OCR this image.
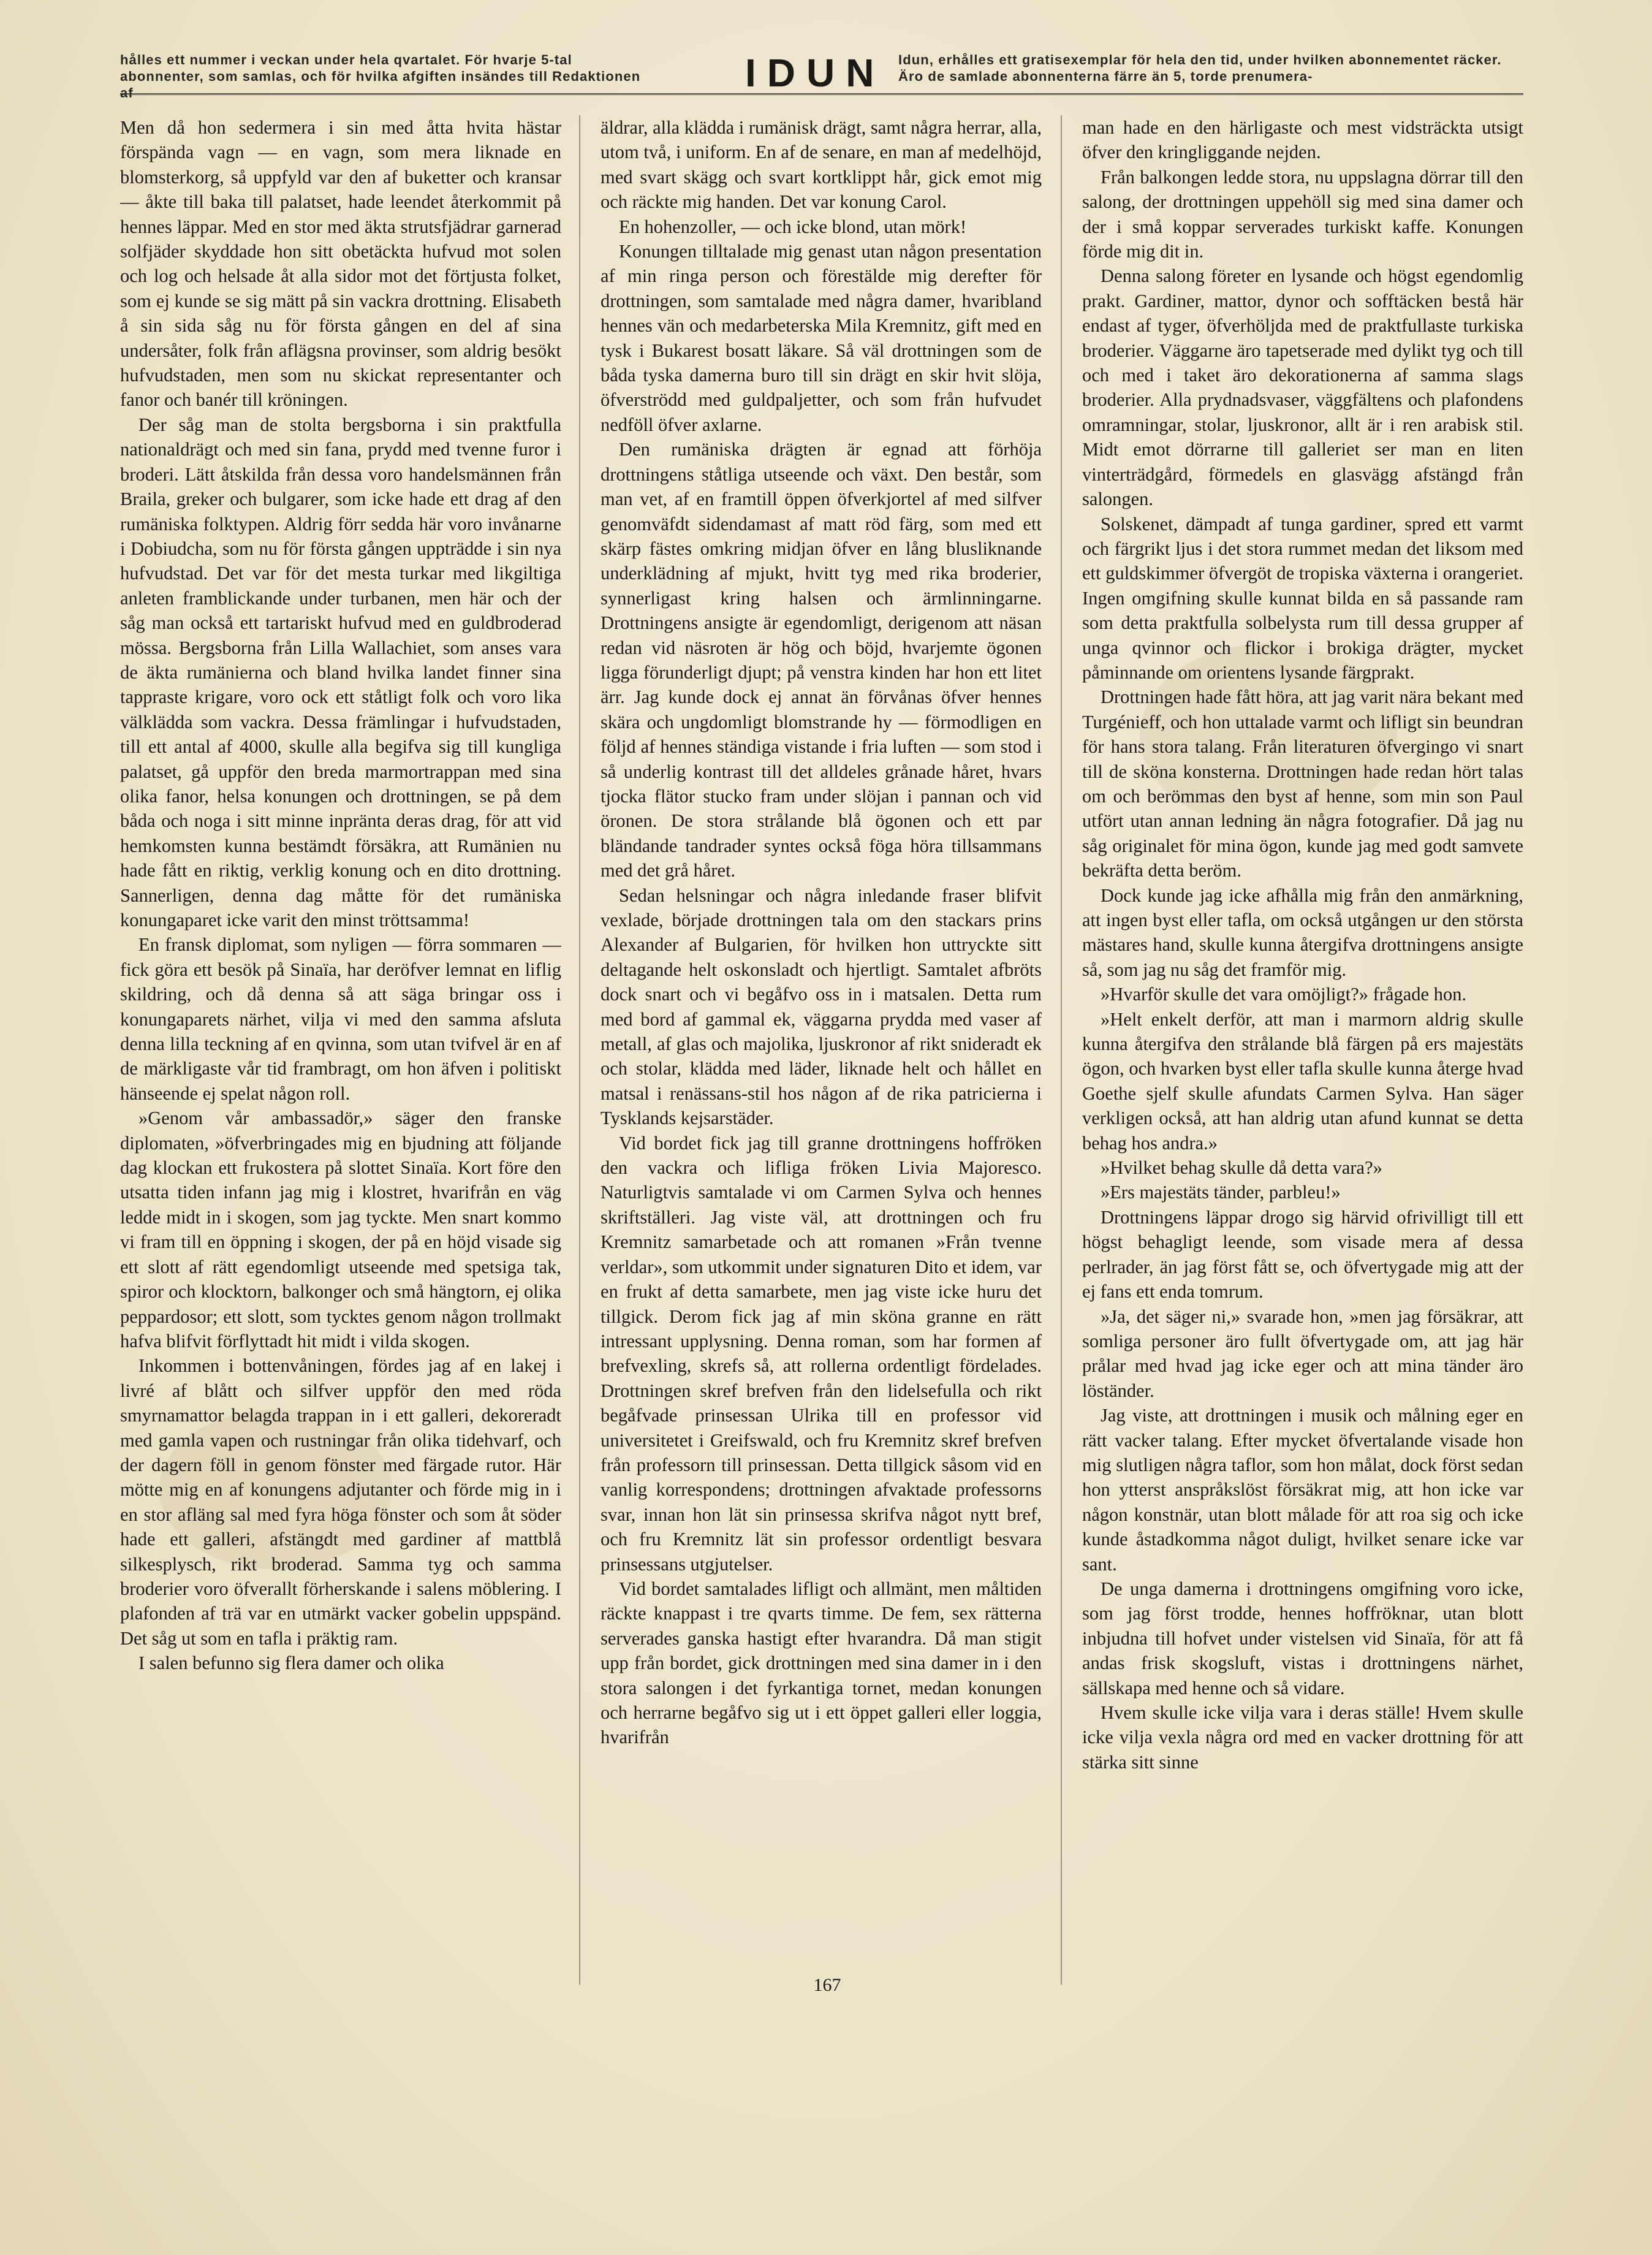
hålles ett nummer i veckan under hela qvartalet. För hvarje 5-tal abonnenter, som samlas, och för hvilka afgiften insändes till Redaktionen af	IDUN Idun, erhålles ett gratisexemplar för hela den tid, under hvilken abonnementet räcker. Äro de samlade abonnenterna färre än 5, torde prenumera-

Men då hon sedermera i sin med åtta hvita hästar förspända vagn — en vagn, som mera liknade en blomsterkorg, så uppfyld var den af buketter och kransar — åkte till baka till palatset, hade leendet återkommit på hennes läppar. Med en stor med äkta strutsfjädrar garnerad solfjäder skyddade hon sitt obetäckta hufvud mot solen och log och helsade åt alla sidor mot det förtjusta folket, som ej kunde se sig mätt på sin vackra drottning. Elisabeth å sin sida såg nu för första gången en del af sina undersåter, folk från aflägsna provinser, som aldrig besökt hufvudstaden, men som nu skickat representanter och fanor och banér till kröningen.

Der såg man de stolta bergsborna i sin praktfulla nationaldrägt och med sin fana, prydd med tvenne furor i broderi. Lätt åtskilda från dessa voro handelsmännen från Braila, greker och bulgarer, som icke hade ett drag af den rumäniska folktypen. Aldrig förr sedda här voro invånarne i Dobiudcha, som nu för första gången uppträdde i sin nya hufvudstad. Det var för det mesta turkar med likgiltiga anleten framblickande under turbanen, men här och der såg man också ett tartariskt hufvud med en guldbroderad mössa. Bergsborna från Lilla Wallachiet, som anses vara de äkta rumänierna och bland hvilka landet finner sina tappraste krigare, voro ock ett ståtligt folk och voro lika välklädda som vackra. Dessa främlingar i hufvudstaden, till ett antal af 4000, skulle alla begifva sig till kungliga palatset, gå uppför den breda marmortrappan med sina olika fanor, helsa konungen och drottningen, se på dem båda och noga i sitt minne inpränta deras drag, för att vid hemkomsten kunna bestämdt försäkra, att Rumänien nu hade fått en riktig, verklig konung och en dito drottning. Sannerligen, denna dag måtte för det rumäniska konungaparet icke varit den minst tröttsamma!

En fransk diplomat, som nyligen — förra sommaren — fick göra ett besök på Sinaïa, har deröfver lemnat en liflig skildring, och då denna så att säga bringar oss i konungaparets närhet, vilja vi med den samma afsluta denna lilla teckning af en qvinna, som utan tvifvel är en af de märkligaste vår tid frambragt, om hon äfven i politiskt hänseende ej spelat någon roll.

»Genom vår ambassadör,» säger den franske diplomaten, »öfverbringades mig en bjudning att följande dag klockan ett frukostera på slottet Sinaïa. Kort före den utsatta tiden infann jag mig i klostret, hvarifrån en väg ledde midt in i skogen, som jag tyckte. Men snart kommo vi fram till en öppning i skogen, der på en höjd visade sig ett slott af rätt egendomligt utseende med spetsiga tak, spiror och klocktorn, balkonger och små hängtorn, ej olika peppardosor; ett slott, som tycktes genom någon trollmakt hafva blifvit förflyttadt hit midt i vilda skogen.

Inkommen i bottenvåningen, fördes jag af en lakej i livré af blått och silfver uppför den med röda smyrnamattor belagda trappan in i ett galleri, dekoreradt med gamla vapen och rustningar från olika tidehvarf, och der dagern föll in genom fönster med färgade rutor. Här mötte mig en af konungens adjutanter och förde mig in i en stor afläng sal med fyra höga fönster och som åt söder hade ett galleri, afstängdt med gardiner af mattblå silkesplysch, rikt broderad. Samma tyg och samma broderier voro öfverallt förherskande i salens möblering. I plafonden af trä var en utmärkt vacker gobelin uppspänd. Det såg ut som en tafla i präktig ram.

I salen befunno sig flera damer och olika

äldrar, alla klädda i rumänisk drägt, samt några herrar, alla, utom två, i uniform. En af de senare, en man af medelhöjd, med svart skägg och svart kortklippt hår, gick emot mig och räckte mig handen. Det var konung Carol.

En hohenzoller, — och icke blond, utan mörk!

Konungen tilltalade mig genast utan någon presentation af min ringa person och förestälde mig derefter för drottningen, som samtalade med några damer, hvaribland hennes vän och medarbeterska Mila Kremnitz, gift med en tysk i Bukarest bosatt läkare. Så väl drottningen som de båda tyska damerna buro till sin drägt en skir hvit slöja, öfverströdd med guldpaljetter, och som från hufvudet nedföll öfver axlarne.

Den rumäniska drägten är egnad att förhöja drottningens ståtliga utseende och växt. Den består, som man vet, af en framtill öppen öfverkjortel af med silfver genomväfdt sidendamast af matt röd färg, som med ett skärp fästes omkring midjan öfver en lång blusliknande underklädning af mjukt, hvitt tyg med rika broderier, synnerligast kring halsen och ärmlinningarne. Drottningens ansigte är egendomligt, derigenom att näsan redan vid näsroten är hög och böjd, hvarjemte ögonen ligga förunderligt djupt; på venstra kinden har hon ett litet ärr. Jag kunde dock ej annat än förvånas öfver hennes skära och ungdomligt blomstrande hy — förmodligen en följd af hennes ständiga vistande i fria luften — som stod i så underlig kontrast till det alldeles grånade håret, hvars tjocka flätor stucko fram under slöjan i pannan och vid öronen. De stora strålande blå ögonen och ett par bländande tandrader syntes också föga höra tillsammans med det grå håret.

Sedan helsningar och några inledande fraser blifvit vexlade, började drottningen tala om den stackars prins Alexander af Bulgarien, för hvilken hon uttryckte sitt deltagande helt oskonsladt och hjertligt. Samtalet afbröts dock snart och vi begåfvo oss in i matsalen. Detta rum med bord af gammal ek, väggarna prydda med vaser af metall, af glas och majolika, ljuskronor af rikt snideradt ek och stolar, klädda med läder, liknade helt och hållet en matsal i renässans-stil hos någon af de rika patricierna i Tysklands kejsarstäder.

Vid bordet fick jag till granne drottningens hoffröken den vackra och lifliga fröken Livia Majoresco. Naturligtvis samtalade vi om Carmen Sylva och hennes skriftställeri. Jag viste väl, att drottningen och fru Kremnitz samarbetade och att romanen »Från tvenne verldar», som utkommit under signaturen Dito et idem, var en frukt af detta samarbete, men jag viste icke huru det tillgick. Derom fick jag af min sköna granne en rätt intressant upplysning. Denna roman, som har formen af brefvexling, skrefs så, att rollerna ordentligt fördelades. Drottningen skref brefven från den lidelsefulla och rikt begåfvade prinsessan Ulrika till en professor vid universitetet i Greifswald, och fru Kremnitz skref brefven från professorn till prinsessan. Detta tillgick såsom vid en vanlig korrespondens; drottningen afvaktade professorns svar, innan hon lät sin prinsessa skrifva något nytt bref, och fru Kremnitz lät sin professor ordentligt besvara prinsessans utgjutelser.

Vid bordet samtalades lifligt och allmänt, men måltiden räckte knappast i tre qvarts timme. De fem, sex rätterna serverades ganska hastigt efter hvarandra. Då man stigit upp från bordet, gick drottningen med sina damer in i den stora salongen i det fyrkantiga tornet, medan konungen och herrarne begåfvo sig ut i ett öppet galleri eller loggia, hvarifrån

man hade en den härligaste och mest vidsträckta utsigt öfver den kringliggande nejden.

Från balkongen ledde stora, nu uppslagna dörrar till den salong, der drottningen uppehöll sig med sina damer och der i små koppar serverades turkiskt kaffe. Konungen förde mig dit in.

Denna salong företer en lysande och högst egendomlig prakt. Gardiner, mattor, dynor och sofftäcken bestå här endast af tyger, öfverhöljda med de praktfullaste turkiska broderier. Väggarne äro tapetserade med dylikt tyg och till och med i taket äro dekorationerna af samma slags broderier. Alla prydnadsvaser, väggfältens och plafondens omramningar, stolar, ljuskronor, allt är i ren arabisk stil. Midt emot dörrarne till galleriet ser man en liten vinterträdgård, förmedels en glasvägg afstängd från salongen.

Solskenet, dämpadt af tunga gardiner, spred ett varmt och färgrikt ljus i det stora rummet medan det liksom med ett guldskimmer öfvergöt de tropiska växterna i orangeriet. Ingen omgifning skulle kunnat bilda en så passande ram som detta praktfulla solbelysta rum till dessa grupper af unga qvinnor och flickor i brokiga drägter, mycket påminnande om orientens lysande färgprakt.

Drottningen hade fått höra, att jag varit nära bekant med Turgénieff, och hon uttalade varmt och lifligt sin beundran för hans stora talang. Från literaturen öfvergingo vi snart till de sköna konsterna. Drottningen hade redan hört talas om och berömmas den byst af henne, som min son Paul utfört utan annan ledning än några fotografier. Då jag nu såg originalet för mina ögon, kunde jag med godt samvete bekräfta detta beröm.

Dock kunde jag icke afhålla mig från den anmärkning, att ingen byst eller tafla, om också utgången ur den största mästares hand, skulle kunna återgifva drottningens ansigte så, som jag nu såg det framför mig.

»Hvarför skulle det vara omöjligt?» frågade hon.

»Helt enkelt derför, att man i marmorn aldrig skulle kunna återgifva den strålande blå färgen på ers majestäts ögon, och hvarken byst eller tafla skulle kunna återge hvad Goethe sjelf skulle afundats Carmen Sylva. Han säger verkligen också, att han aldrig utan afund kunnat se detta behag hos andra.»

»Hvilket behag skulle då detta vara?»

»Ers majestäts tänder, parbleu!»

Drottningens läppar drogo sig härvid ofrivilligt till ett högst behagligt leende, som visade mera af dessa perlrader, än jag först fått se, och öfvertygade mig att der ej fans ett enda tomrum.

»Ja, det säger ni,» svarade hon, »men jag försäkrar, att somliga personer äro fullt öfvertygade om, att jag här prålar med hvad jag icke eger och att mina tänder äro löständer.

Jag viste, att drottningen i musik och målning eger en rätt vacker talang. Efter mycket öfvertalande visade hon mig slutligen några taflor, som hon målat, dock först sedan hon ytterst anspråkslöst försäkrat mig, att hon icke var någon konstnär, utan blott målade för att roa sig och icke kunde åstadkomma något duligt, hvilket senare icke var sant.

De unga damerna i drottningens omgifning voro icke, som jag först trodde, hennes hoffröknar, utan blott inbjudna till hofvet under vistelsen vid Sinaïa, för att få andas frisk skogsluft, vistas i drottningens närhet, sällskapa med henne och så vidare.

Hvem skulle icke vilja vara i deras ställe! Hvem skulle icke vilja vexla några ord med en vacker drottning för att stärka sitt sinne

167
